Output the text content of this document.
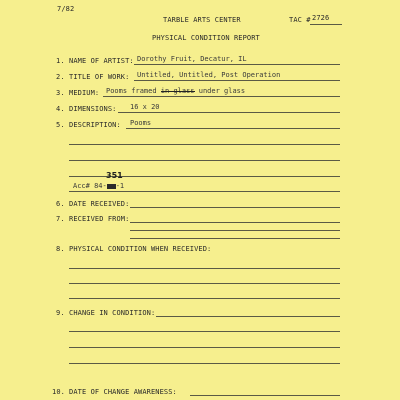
7/82
TARBLE ARTS CENTER	TAC # 2726
PHYSICAL CONDITION REPORT
1. NAME OF ARTIST: Dorothy Fruit, Decatur, IL
2. TITLE OF WORK: Untitled, Untitled, Post Operation
3. MEDIUM: Pooms framed in glass under glass
4. DIMENSIONS: 16 x 20
5. DESCRIPTION: Pooms
351
Acc# 84- -1
6. DATE RECEIVED:
7. RECEIVED FROM:
8. PHYSICAL CONDITION WHEN RECEIVED:
9. CHANGE IN CONDITION:
10. DATE OF CHANGE AWARENESS:
